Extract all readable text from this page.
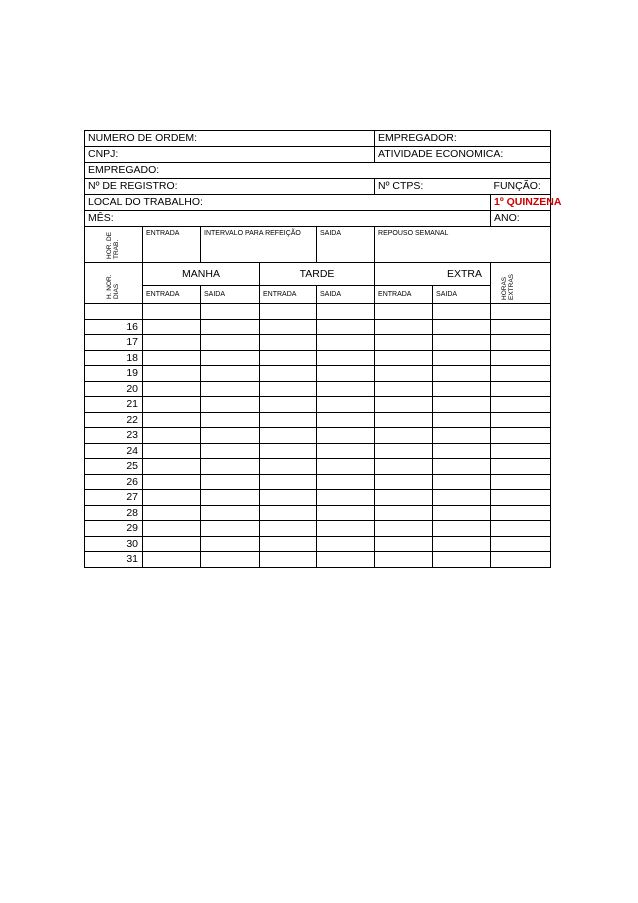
NUMERO DE ORDEM:					EMPREGADOR:		
CNPJ:					ATIVIDADE ECONOMICA:		
EMPREGADO:							
Nº DE REGISTRO:					Nº CTPS:		FUNÇÃO:
LOCAL DO TRABALHO:							1º QUINZENA
MÊS:							ANO:

HOR. DE TRAB.	ENTRADA	INTERVALO PARA REFEIÇÃO		SAIDA	REPOUSO SEMANAL		

H. NOR. DIAS	MANHA		TARDE		EXTRA		HORAS EXTRAS

	ENTRADA	SAIDA	ENTRADA	SAIDA	ENTRADA	SAIDA	

16							
17							
18							
19							
20							
21							
22							
23							
24							
25							
26							
27							
28							
29							
30							
31							
